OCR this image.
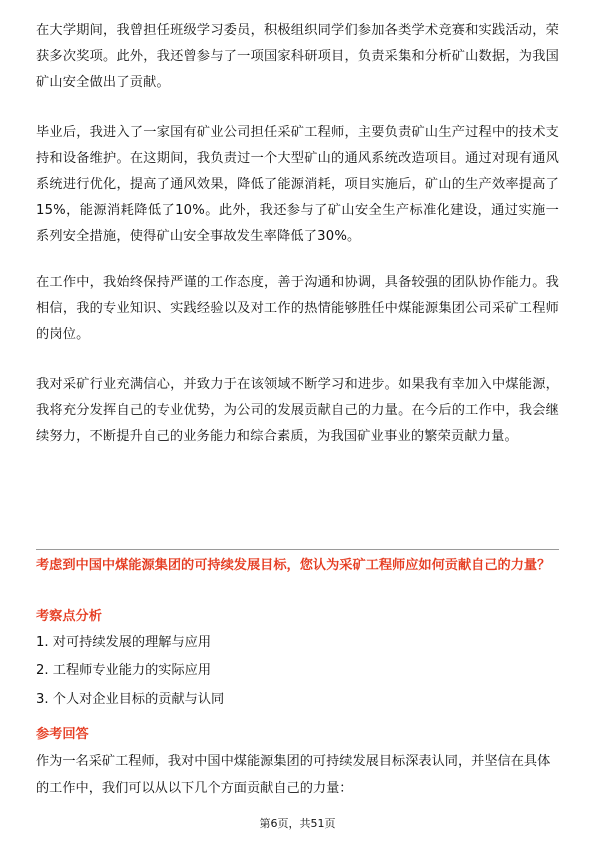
在大学期间，我曾担任班级学习委员，积极组织同学们参加各类学术竞赛和实践活动，荣获多次奖项。此外，我还曾参与了一项国家科研项目，负责采集和分析矿山数据，为我国矿山安全做出了贡献。

毕业后，我进入了一家国有矿业公司担任采矿工程师，主要负责矿山生产过程中的技术支持和设备维护。在这期间，我负责过一个大型矿山的通风系统改造项目。通过对现有通风系统进行优化，提高了通风效果，降低了能源消耗，项目实施后，矿山的生产效率提高了15%，能源消耗降低了10%。此外，我还参与了矿山安全生产标准化建设，通过实施一系列安全措施，使得矿山安全事故发生率降低了30%。

在工作中，我始终保持严谨的工作态度，善于沟通和协调，具备较强的团队协作能力。我相信，我的专业知识、实践经验以及对工作的热情能够胜任中煤能源集团公司采矿工程师的岗位。

我对采矿行业充满信心，并致力于在该领域不断学习和进步。如果我有幸加入中煤能源，我将充分发挥自己的专业优势，为公司的发展贡献自己的力量。在今后的工作中，我会继续努力，不断提升自己的业务能力和综合素质，为我国矿业事业的繁荣贡献力量。

考虑到中国中煤能源集团的可持续发展目标，您认为采矿工程师应如何贡献自己的力量？

考察点分析

1. 对可持续发展的理解与应用

2. 工程师专业能力的实际应用

3. 个人对企业目标的贡献与认同

参考回答

作为一名采矿工程师，我对中国中煤能源集团的可持续发展目标深表认同，并坚信在具体的工作中，我们可以从以下几个方面贡献自己的力量：

第6页，共51页
